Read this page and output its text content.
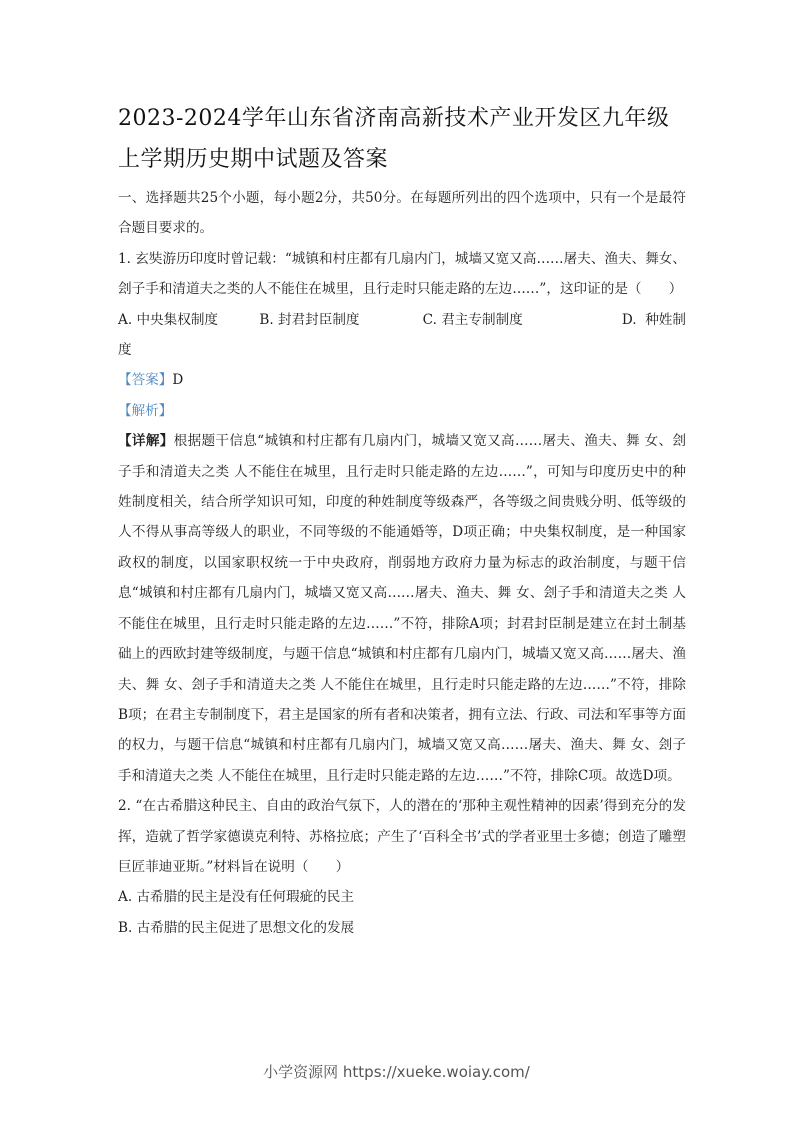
2023-2024学年山东省济南高新技术产业开发区九年级上学期历史期中试题及答案

一、选择题共25个小题，每小题2分，共50分。在每题所列出的四个选项中，只有一个是最符合题目要求的。

1. 玄奘游历印度时曾记载：“城镇和村庄都有几扇内门，城墙又宽又高……屠夫、渔夫、舞女、刽子手和清道夫之类的人不能住在城里，且行走时只能走路的左边……”，这印证的是（　　）

A. 中央集权制度	B. 封君封臣制度	C. 君主专制制度	D.  种姓制

度

【答案】D

【解析】

【详解】根据题干信息“城镇和村庄都有几扇内门，城墙又宽又高……屠夫、渔夫、舞 女、刽子手和清道夫之类 人不能住在城里，且行走时只能走路的左边……”，可知与印度历史中的种姓制度相关，结合所学知识可知，印度的种姓制度等级森严，各等级之间贵贱分明、低等级的人不得从事高等级人的职业，不同等级的不能通婚等，D项正确；中央集权制度，是一种国家政权的制度，以国家职权统一于中央政府，削弱地方政府力量为标志的政治制度，与题干信息“城镇和村庄都有几扇内门，城墙又宽又高……屠夫、渔夫、舞 女、刽子手和清道夫之类 人不能住在城里，且行走时只能走路的左边……”不符，排除A项；封君封臣制是建立在封土制基础上的西欧封建等级制度，与题干信息“城镇和村庄都有几扇内门，城墙又宽又高……屠夫、渔夫、舞 女、刽子手和清道夫之类 人不能住在城里，且行走时只能走路的左边……”不符，排除B项；在君主专制制度下，君主是国家的所有者和决策者，拥有立法、行政、司法和军事等方面的权力，与题干信息“城镇和村庄都有几扇内门，城墙又宽又高……屠夫、渔夫、舞 女、刽子手和清道夫之类 人不能住在城里，且行走时只能走路的左边……”不符，排除C项。故选D项。

2. “在古希腊这种民主、自由的政治气氛下，人的潜在的‘那种主观性精神的因素’得到充分的发挥，造就了哲学家德谟克利特、苏格拉底；产生了‘百科全书’式的学者亚里士多德；创造了雕塑巨匠菲迪亚斯。”材料旨在说明（　　）

A. 古希腊的民主是没有任何瑕疵的民主

B. 古希腊的民主促进了思想文化的发展

小学资源网 https://xueke.woiay.com/
